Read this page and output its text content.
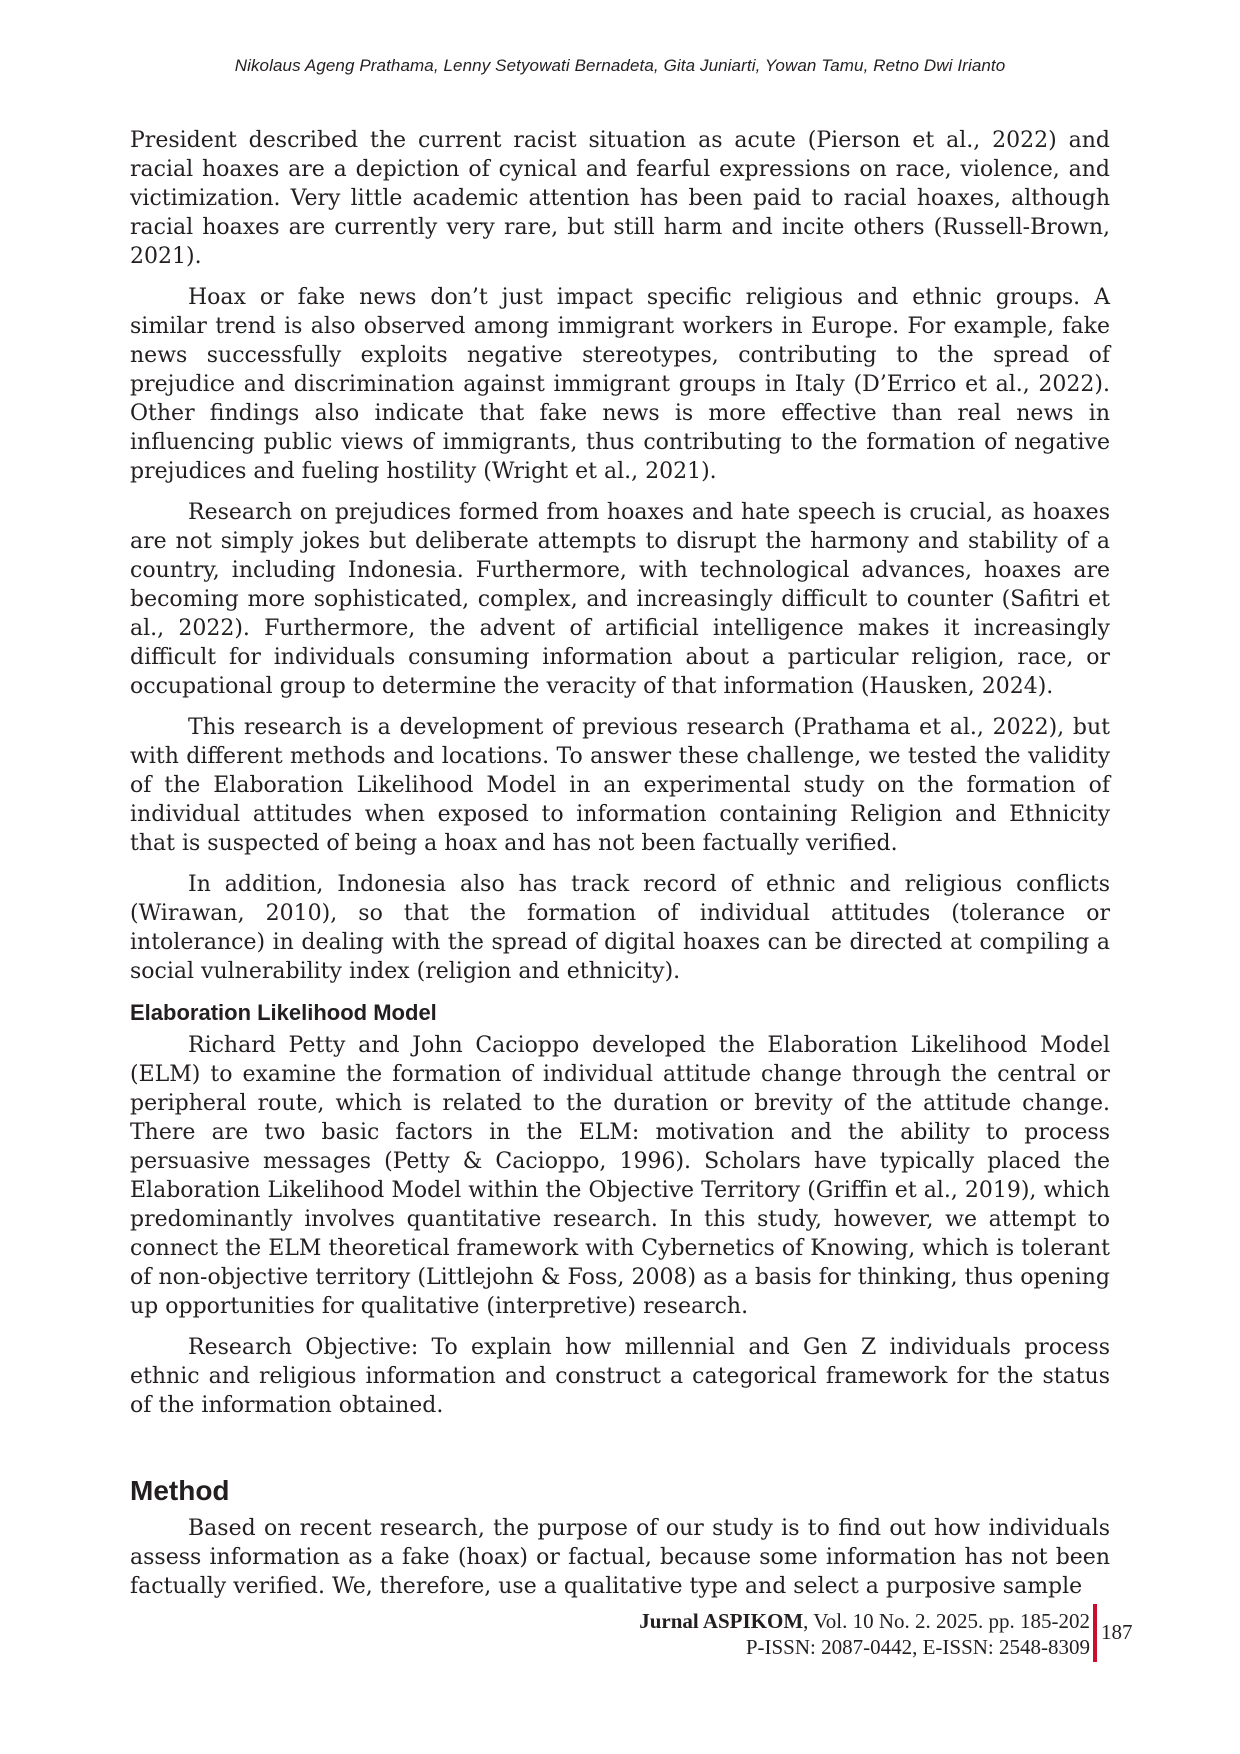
Nikolaus Ageng Prathama, Lenny Setyowati Bernadeta, Gita Juniarti, Yowan Tamu, Retno Dwi Irianto

President described the current racist situation as acute (Pierson et al., 2022) and racial hoaxes are a depiction of cynical and fearful expressions on race, violence, and victimization. Very little academic attention has been paid to racial hoaxes, although racial hoaxes are currently very rare, but still harm and incite others (Russell-Brown, 2021).

Hoax or fake news don’t just impact specific religious and ethnic groups. A similar trend is also observed among immigrant workers in Europe. For example, fake news successfully exploits negative stereotypes, contributing to the spread of prejudice and discrimination against immigrant groups in Italy (D’Errico et al., 2022). Other findings also indicate that fake news is more effective than real news in influencing public views of immigrants, thus contributing to the formation of negative prejudices and fueling hostility (Wright et al., 2021).

Research on prejudices formed from hoaxes and hate speech is crucial, as hoaxes are not simply jokes but deliberate attempts to disrupt the harmony and stability of a country, including Indonesia. Furthermore, with technological advances, hoaxes are becoming more sophisticated, complex, and increasingly difficult to counter (Safitri et al., 2022). Furthermore, the advent of artificial intelligence makes it increasingly difficult for individuals consuming information about a particular religion, race, or occupational group to determine the veracity of that information (Hausken, 2024).

This research is a development of previous research (Prathama et al., 2022), but with different methods and locations. To answer these challenge, we tested the validity of the Elaboration Likelihood Model in an experimental study on the formation of individual attitudes when exposed to information containing Religion and Ethnicity that is suspected of being a hoax and has not been factually verified.

In addition, Indonesia also has track record of ethnic and religious conflicts (Wirawan, 2010), so that the formation of individual attitudes (tolerance or intolerance) in dealing with the spread of digital hoaxes can be directed at compiling a social vulnerability index (religion and ethnicity).

Elaboration Likelihood Model

Richard Petty and John Cacioppo developed the Elaboration Likelihood Model (ELM) to examine the formation of individual attitude change through the central or peripheral route, which is related to the duration or brevity of the attitude change. There are two basic factors in the ELM: motivation and the ability to process persuasive messages (Petty & Cacioppo, 1996). Scholars have typically placed the Elaboration Likelihood Model within the Objective Territory (Griffin et al., 2019), which predominantly involves quantitative research. In this study, however, we attempt to connect the ELM theoretical framework with Cybernetics of Knowing, which is tolerant of non-objective territory (Littlejohn & Foss, 2008) as a basis for thinking, thus opening up opportunities for qualitative (interpretive) research.

Research Objective: To explain how millennial and Gen Z individuals process ethnic and religious information and construct a categorical framework for the status of the information obtained.

Method

Based on recent research, the purpose of our study is to find out how individuals assess information as a fake (hoax) or factual, because some information has not been factually verified. We, therefore, use a qualitative type and select a purposive sample

Jurnal ASPIKOM, Vol. 10 No. 2. 2025. pp. 185-202
P-ISSN: 2087-0442, E-ISSN: 2548-8309
187
